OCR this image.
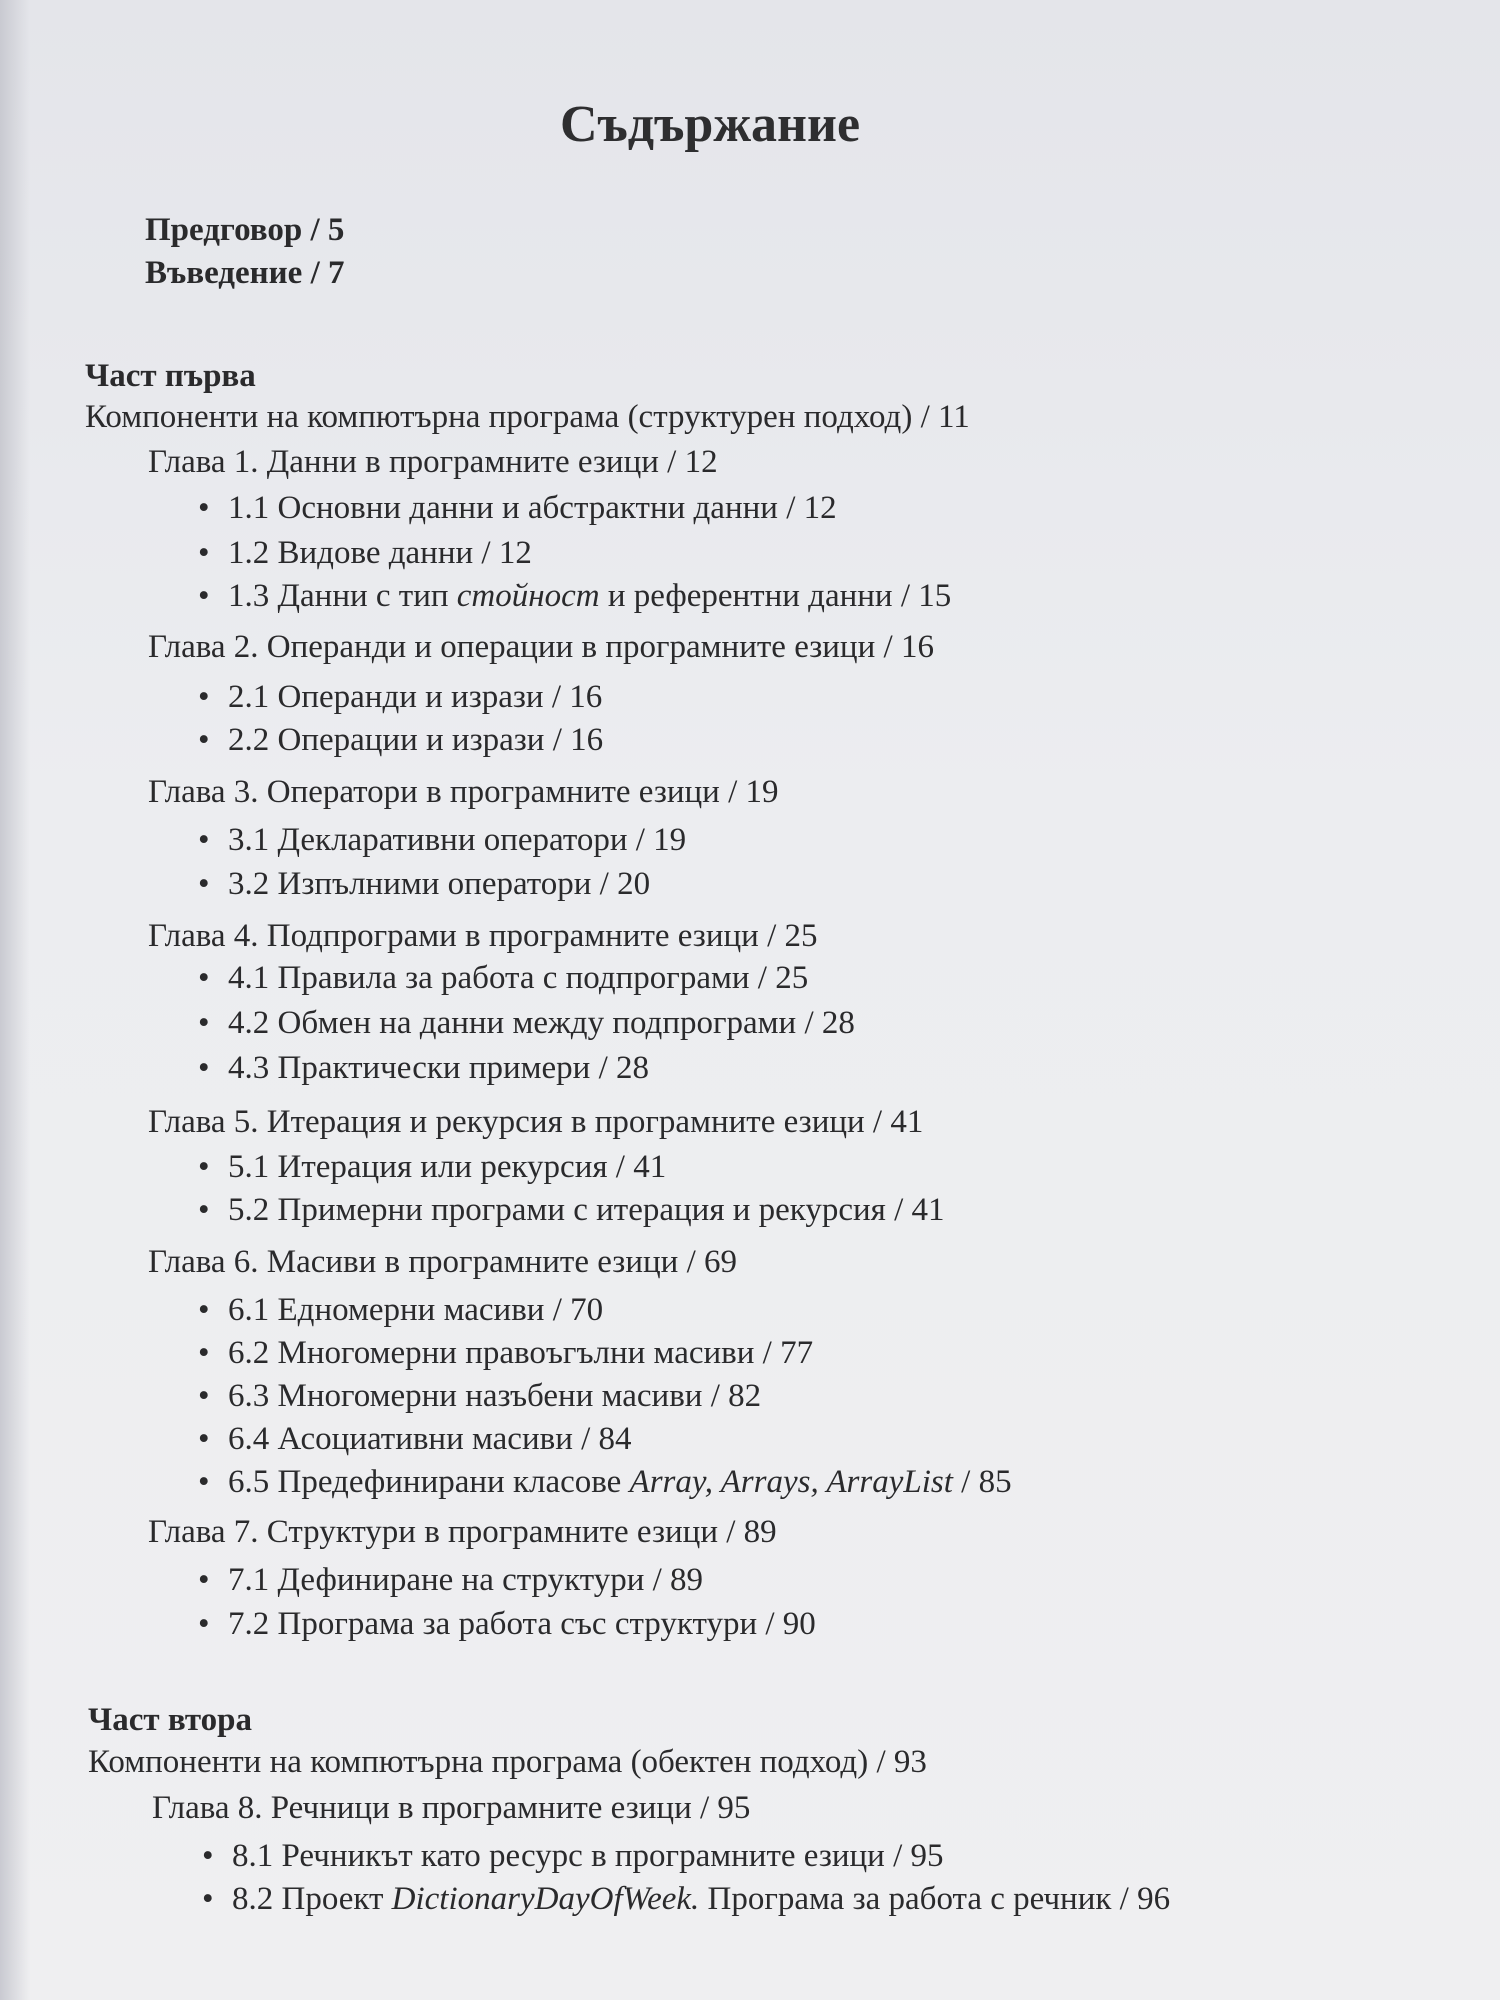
Съдържание
Предговор / 5
Въведение / 7
Част първа
Компоненти на компютърна програма (структурен подход) / 11
Глава 1. Данни в програмните езици / 12
• 1.1 Основни данни и абстрактни данни / 12
• 1.2 Видове данни / 12
• 1.3 Данни с тип стойност и референтни данни / 15
Глава 2. Операнди и операции в програмните езици / 16
• 2.1 Операнди и изрази / 16
• 2.2 Операции и изрази / 16
Глава 3. Оператори в програмните езици / 19
• 3.1 Декларативни оператори / 19
• 3.2 Изпълними оператори / 20
Глава 4. Подпрограми в програмните езици / 25
• 4.1 Правила за работа с подпрограми / 25
• 4.2 Обмен на данни между подпрограми / 28
• 4.3 Практически примери / 28
Глава 5. Итерация и рекурсия в програмните езици / 41
• 5.1 Итерация или рекурсия / 41
• 5.2 Примерни програми с итерация и рекурсия / 41
Глава 6. Масиви в програмните езици / 69
• 6.1 Едномерни масиви / 70
• 6.2 Многомерни правоъгълни масиви / 77
• 6.3 Многомерни назъбени масиви / 82
• 6.4 Асоциативни масиви / 84
• 6.5 Предефинирани класове Array, Arrays, ArrayList / 85
Глава 7. Структури в програмните езици / 89
• 7.1 Дефиниране на структури / 89
• 7.2 Програма за работа със структури / 90
Част втора
Компоненти на компютърна програма (обектен подход) / 93
Глава 8. Речници в програмните езици / 95
• 8.1 Речникът като ресурс в програмните езици / 95
• 8.2 Проект DictionaryDayOfWeek. Програма за работа с речник / 96
